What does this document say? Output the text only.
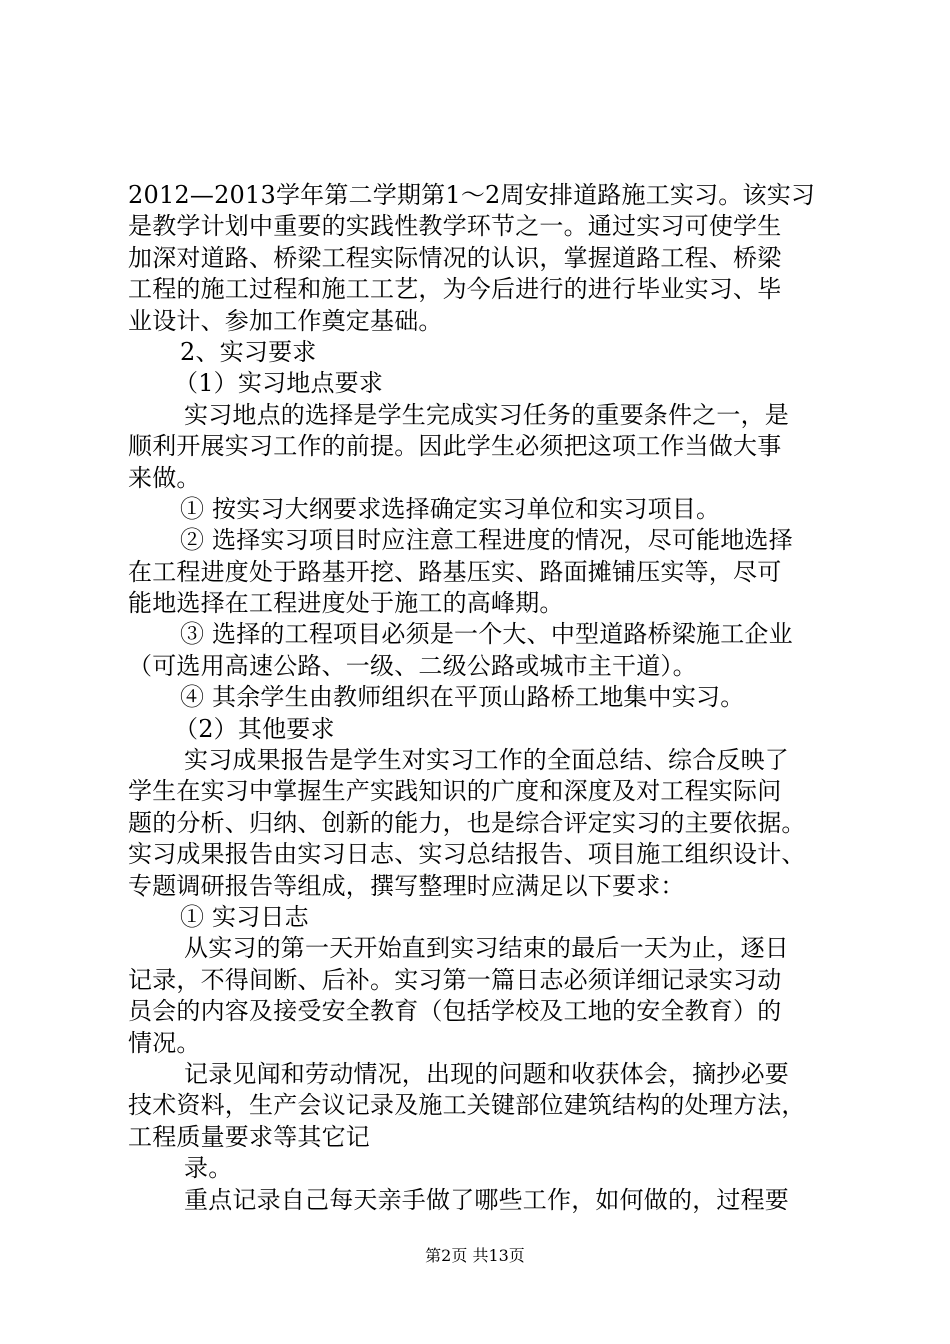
2012—2013学年第二学期第1～2周安排道路施工实习。该实习
是教学计划中重要的实践性教学环节之一。通过实习可使学生
加深对道路、桥梁工程实际情况的认识，掌握道路工程、桥梁
工程的施工过程和施工工艺，为今后进行的进行毕业实习、毕
业设计、参加工作奠定基础。
2、实习要求
（1）实习地点要求
实习地点的选择是学生完成实习任务的重要条件之一，是
顺利开展实习工作的前提。因此学生必须把这项工作当做大事
来做。
① 按实习大纲要求选择确定实习单位和实习项目。
② 选择实习项目时应注意工程进度的情况，尽可能地选择
在工程进度处于路基开挖、路基压实、路面摊铺压实等，尽可
能地选择在工程进度处于施工的高峰期。
③ 选择的工程项目必须是一个大、中型道路桥梁施工企业
（可选用高速公路、一级、二级公路或城市主干道）。
④ 其余学生由教师组织在平顶山路桥工地集中实习。
（2）其他要求
实习成果报告是学生对实习工作的全面总结、综合反映了
学生在实习中掌握生产实践知识的广度和深度及对工程实际问
题的分析、归纳、创新的能力，也是综合评定实习的主要依据。
实习成果报告由实习日志、实习总结报告、项目施工组织设计、
专题调研报告等组成，撰写整理时应满足以下要求：
① 实习日志
从实习的第一天开始直到实习结束的最后一天为止，逐日
记录，不得间断、后补。实习第一篇日志必须详细记录实习动
员会的内容及接受安全教育（包括学校及工地的安全教育）的
情况。
记录见闻和劳动情况，出现的问题和收获体会，摘抄必要
技术资料，生产会议记录及施工关键部位建筑结构的处理方法，
工程质量要求等其它记
录。
重点记录自己每天亲手做了哪些工作，如何做的，过程要
第2页 共13页
